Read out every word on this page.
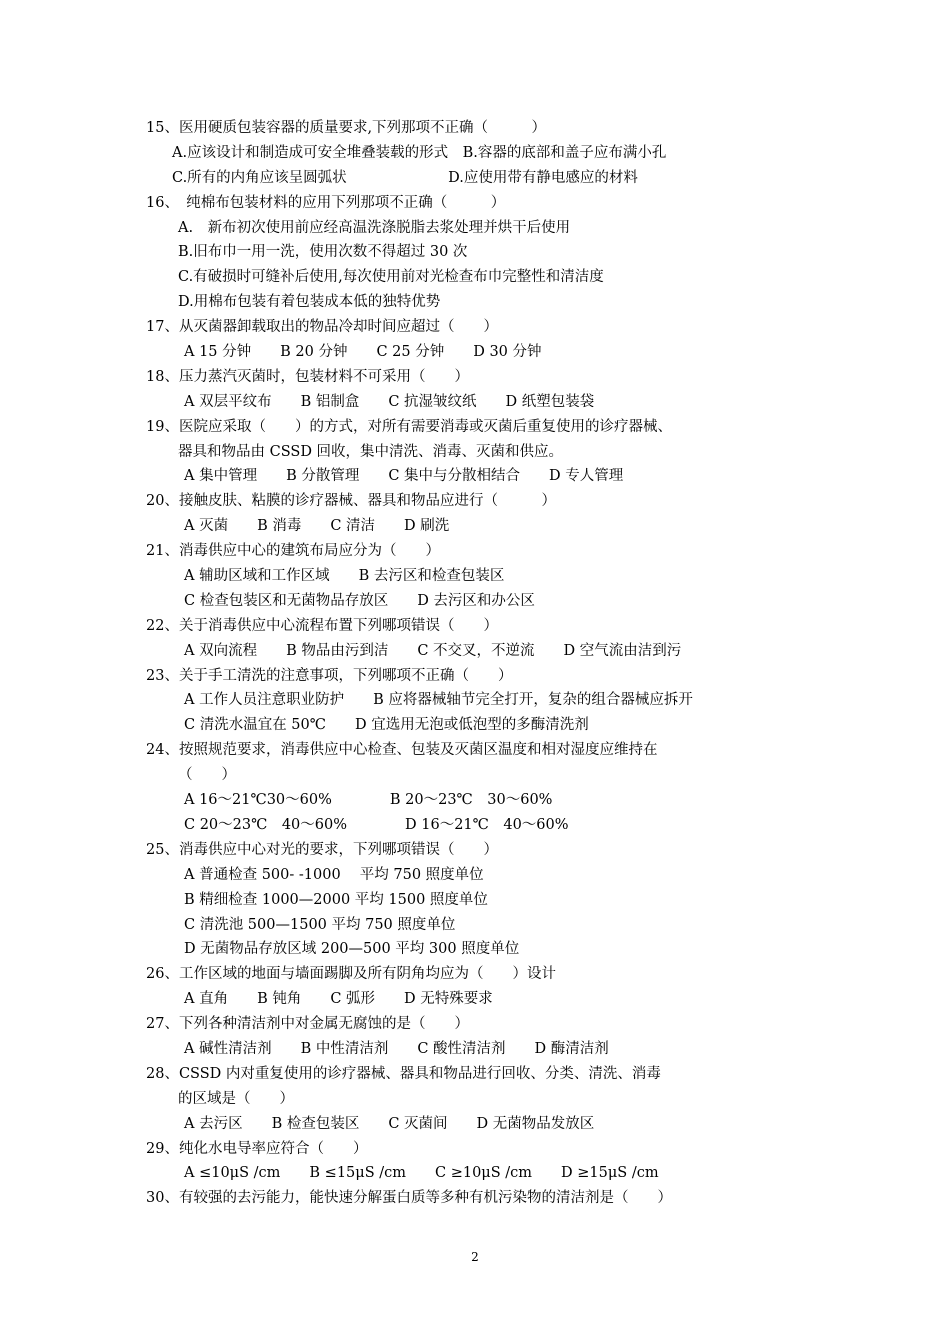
15、医用硬质包装容器的质量要求,下列那项不正确（　　　）
A.应该设计和制造成可安全堆叠装载的形式　B.容器的底部和盖子应布满小孔
C.所有的内角应该呈圆弧状　　　　　　　D.应使用带有静电感应的材料
16、　纯棉布包装材料的应用下列那项不正确（　　　）
A.　新布初次使用前应经高温洗涤脱脂去浆处理并烘干后使用
B.旧布巾一用一洗，使用次数不得超过 30 次
C.有破损时可缝补后使用,每次使用前对光检查布巾完整性和清洁度
D.用棉布包装有着包装成本低的独特优势
17、从灭菌器卸载取出的物品冷却时间应超过（　　）
A 15 分钟　　B 20 分钟　　C 25 分钟　　D 30 分钟
18、压力蒸汽灭菌时，包装材料不可采用（　　）
A 双层平纹布　　B 铝制盒　　C 抗湿皱纹纸　　D 纸塑包装袋
19、医院应采取（　　）的方式，对所有需要消毒或灭菌后重复使用的诊疗器械、
器具和物品由 CSSD 回收，集中清洗、消毒、灭菌和供应。
A 集中管理　　B 分散管理　　C 集中与分散相结合　　D 专人管理
20、接触皮肤、粘膜的诊疗器械、器具和物品应进行（　　　）
A 灭菌　　B 消毒　　C 清洁　　D 刷洗
21、消毒供应中心的建筑布局应分为（　　）
A 辅助区域和工作区域　　B 去污区和检查包装区
C 检查包装区和无菌物品存放区　　D 去污区和办公区
22、关于消毒供应中心流程布置下列哪项错误（　　）
A 双向流程　　B 物品由污到洁　　C 不交叉，不逆流　　D 空气流由洁到污
23、关于手工清洗的注意事项，下列哪项不正确（　　）
A 工作人员注意职业防护　　B 应将器械轴节完全打开，复杂的组合器械应拆开
C 清洗水温宜在 50℃　　D 宜选用无泡或低泡型的多酶清洗剂
24、按照规范要求，消毒供应中心检查、包装及灭菌区温度和相对湿度应维持在
（　　）
A 16～21℃30～60%　　　　B 20～23℃　30～60%
C 20～23℃　40～60%　　　　D 16～21℃　40～60%
25、消毒供应中心对光的要求，下列哪项错误（　　）
A 普通检查 500- -1000　 平均 750 照度单位
B 精细检查 1000—2000 平均 1500 照度单位
C 清洗池 500—1500 平均 750 照度单位
D 无菌物品存放区域 200—500 平均 300 照度单位
26、工作区域的地面与墙面踢脚及所有阴角均应为（　　）设计
A 直角　　B 钝角　　C 弧形　　D 无特殊要求
27、下列各种清洁剂中对金属无腐蚀的是（　　）
A 碱性清洁剂　　B 中性清洁剂　　C 酸性清洁剂　　D 酶清洁剂
28、CSSD 内对重复使用的诊疗器械、器具和物品进行回收、分类、清洗、消毒
的区域是（　　）
A 去污区　　B 检查包装区　　C 灭菌间　　D 无菌物品发放区
29、纯化水电导率应符合（　　）
A ≤10μS /cm　　B ≤15μS /cm　　C ≥10μS /cm　　D ≥15μS /cm
30、有较强的去污能力，能快速分解蛋白质等多种有机污染物的清洁剂是（　　）
2
